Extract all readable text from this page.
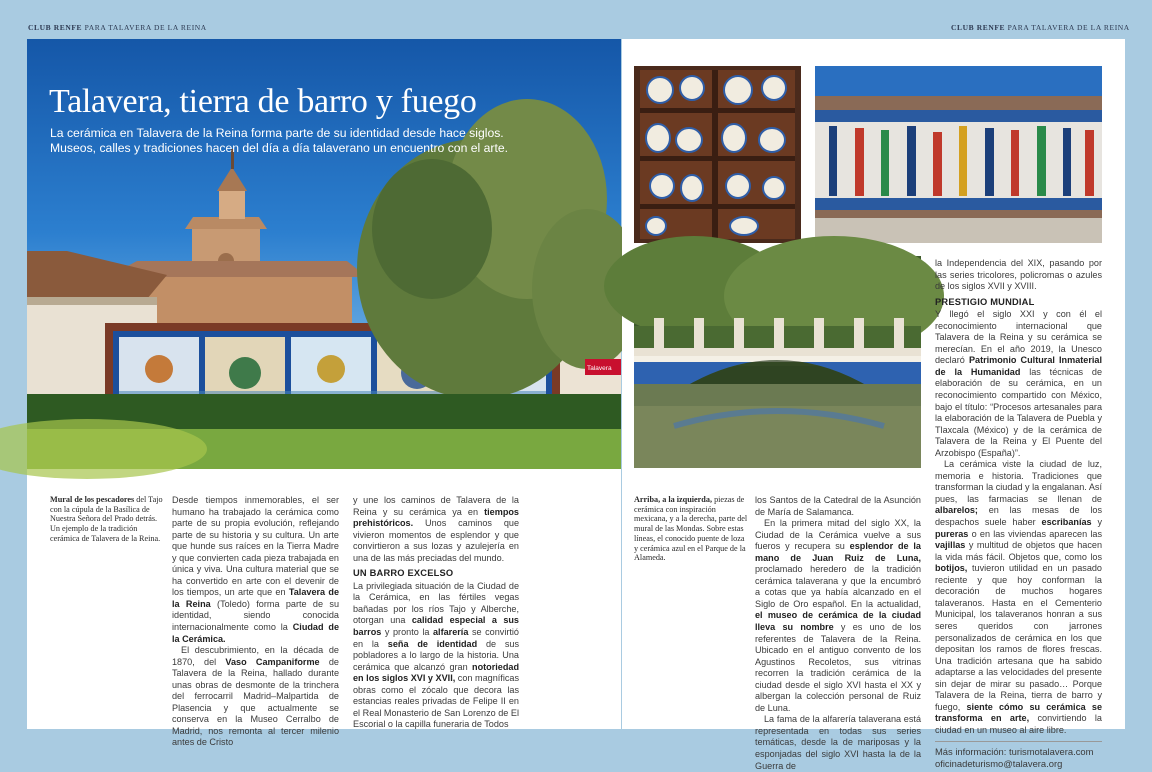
CLUB RENFE PARA TALAVERA DE LA REINA	CLUB RENFE PARA TALAVERA DE LA REINA
Talavera
Talavera, tierra de barro y fuego

La cerámica en Talavera de la Reina forma parte de su identidad desde hace siglos. Museos, calles y tradiciones hacen del día a día talaverano un encuentro con el arte.

Mural de los pescadores del Tajo con la cúpula de la Basílica de Nuestra Señora del Prado detrás. Un ejemplo de la tradición cerámica de Talavera de la Reina.

Desde tiempos inmemorables, el ser humano ha trabajado la cerámica como parte de su propia evolución, reflejando parte de su historia y su cultura. Un arte que hunde sus raíces en la Tierra Madre y que convierten cada pieza trabajada en única y viva. Una cultura material que se ha convertido en arte con el devenir de los tiempos, un arte que en Talavera de la Reina (Toledo) forma parte de su identidad, siendo conocida internacionalmente como la Ciudad de la Cerámica.

El descubrimiento, en la década de 1870, del Vaso Campaniforme de Talavera de la Reina, hallado durante unas obras de desmonte de la trinchera del ferrocarril Madrid–Malpartida de Plasencia y que actualmente se conserva en la Museo Cerralbo de Madrid, nos remonta al tercer milenio antes de Cristo

y une los caminos de Talavera de la Reina y su cerámica ya en tiempos prehistóricos. Unos caminos que vivieron momentos de esplendor y que convirtieron a sus lozas y azulejería en una de las más preciadas del mundo.

UN BARRO EXCELSO

La privilegiada situación de la Ciudad de la Cerámica, en las fértiles vegas bañadas por los ríos Tajo y Alberche, otorgan una calidad especial a sus barros y pronto la alfarería se convirtió en la seña de identidad de sus pobladores a lo largo de la historia. Una cerámica que alcanzó gran notoriedad en los siglos XVI y XVII, con magníficas obras como el zócalo que decora las estancias reales privadas de Felipe II en el Real Monasterio de San Lorenzo de El Escorial o la capilla funeraria de Todos

Arriba, a la izquierda, piezas de cerámica con inspiración mexicana, y a la derecha, parte del mural de las Mondas. Sobre estas líneas, el conocido puente de loza y cerámica azul en el Parque de la Alameda.

los Santos de la Catedral de la Asunción de María de Salamanca.

En la primera mitad del siglo XX, la Ciudad de la Cerámica vuelve a sus fueros y recupera su esplendor de la mano de Juan Ruiz de Luna, proclamado heredero de la tradición cerámica talaverana y que la encumbró a cotas que ya había alcanzado en el Siglo de Oro español. En la actualidad, el museo de cerámica de la ciudad lleva su nombre y es uno de los referentes de Talavera de la Reina. Ubicado en el antiguo convento de los Agustinos Recoletos, sus vitrinas recorren la tradición cerámica de la ciudad desde el siglo XVI hasta el XX y albergan la colección personal de Ruiz de Luna.

La fama de la alfarería talaverana está representada en todas sus series temáticas, desde la de mariposas y la esponjadas del siglo XVI hasta la de la Guerra de

la Independencia del XIX, pasando por las series tricolores, policromas o azules de los siglos XVII y XVIII.

PRESTIGIO MUNDIAL

Y llegó el siglo XXI y con él el reconocimiento internacional que Talavera de la Reina y su cerámica se merecían. En el año 2019, la Unesco declaró Patrimonio Cultural Inmaterial de la Humanidad las técnicas de elaboración de su cerámica, en un reconocimiento compartido con México, bajo el título: “Procesos artesanales para la elaboración de la Talavera de Puebla y Tlaxcala (México) y de la cerámica de Talavera de la Reina y El Puente del Arzobispo (España)”.

La cerámica viste la ciudad de luz, memoria e historia. Tradiciones que transforman la ciudad y la engalanan. Así pues, las farmacias se llenan de albarelos; en las mesas de los despachos suele haber escribanías y pureras o en las viviendas aparecen las vajillas y multitud de objetos que hacen la vida más fácil. Objetos que, como los botijos, tuvieron utilidad en un pasado reciente y que hoy conforman la decoración de muchos hogares talaveranos. Hasta en el Cementerio Municipal, los talaveranos honran a sus seres queridos con jarrones personalizados de cerámica en los que depositan los ramos de flores frescas. Una tradición artesana que ha sabido adaptarse a las velocidades del presente sin dejar de mirar su pasado… Porque Talavera de la Reina, tierra de barro y fuego, siente cómo su cerámica se transforma en arte, convirtiendo la ciudad en un museo al aire libre.

Más información: turismotalavera.com

oficinadeturismo@talavera.org
